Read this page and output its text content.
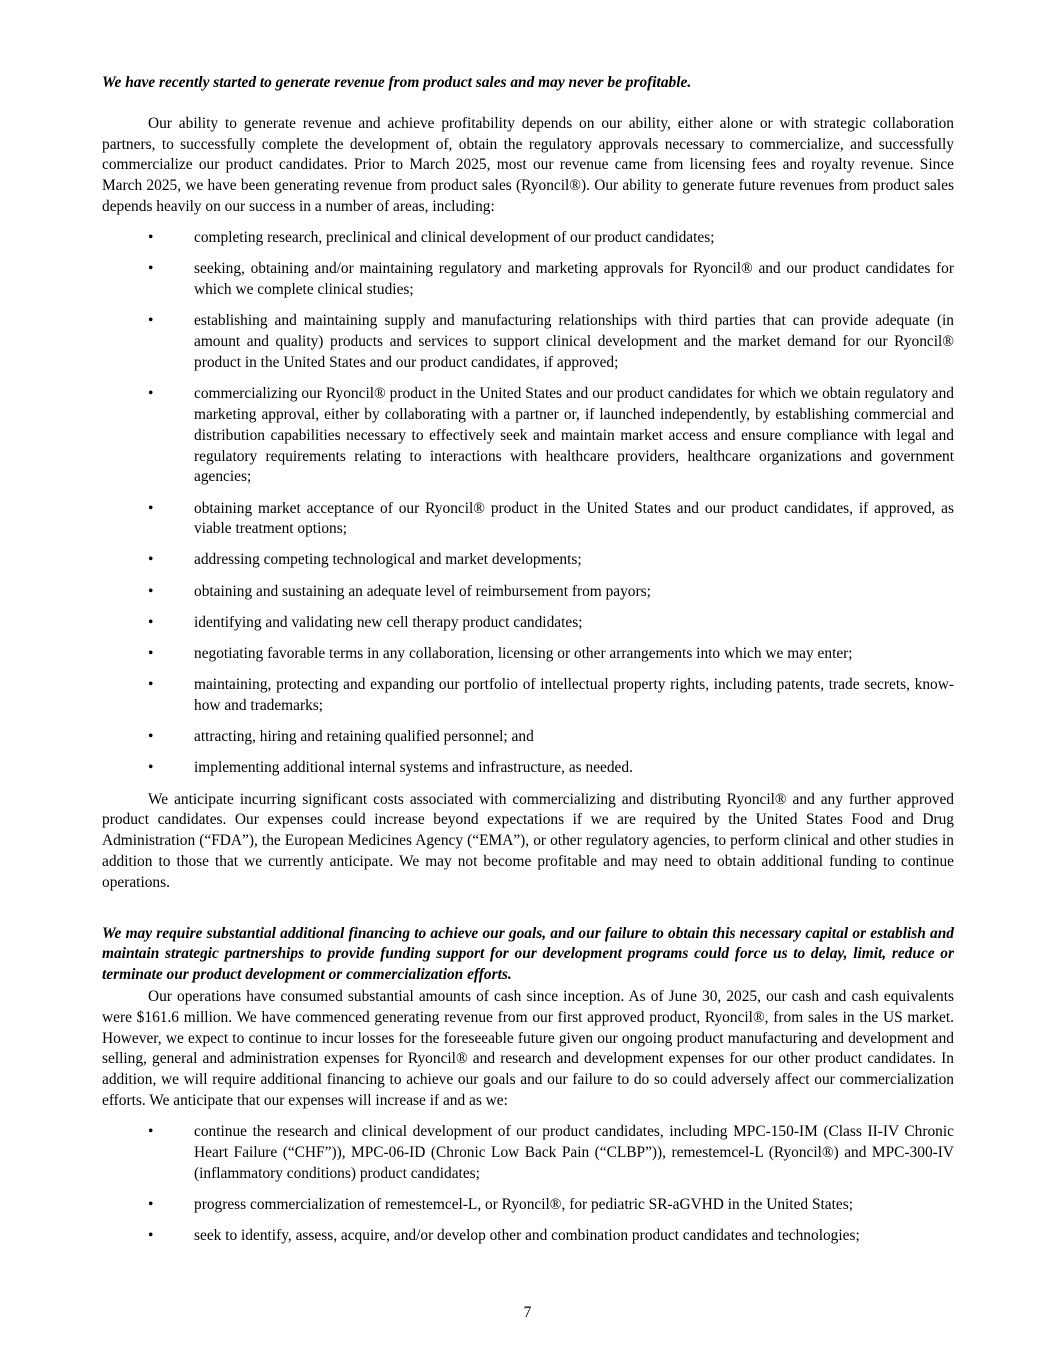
We have recently started to generate revenue from product sales and may never be profitable.

Our ability to generate revenue and achieve profitability depends on our ability, either alone or with strategic collaboration partners, to successfully complete the development of, obtain the regulatory approvals necessary to commercialize, and successfully commercialize our product candidates. Prior to March 2025, most our revenue came from licensing fees and royalty revenue. Since March 2025, we have been generating revenue from product sales (Ryoncil®). Our ability to generate future revenues from product sales depends heavily on our success in a number of areas, including:

•	completing research, preclinical and clinical development of our product candidates;
•	seeking, obtaining and/or maintaining regulatory and marketing approvals for Ryoncil® and our product candidates for which we complete clinical studies;
•	establishing and maintaining supply and manufacturing relationships with third parties that can provide adequate (in amount and quality) products and services to support clinical development and the market demand for our Ryoncil® product in the United States and our product candidates, if approved;
•	commercializing our Ryoncil® product in the United States and our product candidates for which we obtain regulatory and marketing approval, either by collaborating with a partner or, if launched independently, by establishing commercial and distribution capabilities necessary to effectively seek and maintain market access and ensure compliance with legal and regulatory requirements relating to interactions with healthcare providers, healthcare organizations and government agencies;
•	obtaining market acceptance of our Ryoncil® product in the United States and our product candidates, if approved, as viable treatment options;
•	addressing competing technological and market developments;
•	obtaining and sustaining an adequate level of reimbursement from payors;
•	identifying and validating new cell therapy product candidates;
•	negotiating favorable terms in any collaboration, licensing or other arrangements into which we may enter;
•	maintaining, protecting and expanding our portfolio of intellectual property rights, including patents, trade secrets, know-how and trademarks;
•	attracting, hiring and retaining qualified personnel; and
•	implementing additional internal systems and infrastructure, as needed.

We anticipate incurring significant costs associated with commercializing and distributing Ryoncil® and any further approved product candidates. Our expenses could increase beyond expectations if we are required by the United States Food and Drug Administration (“FDA”), the European Medicines Agency (“EMA”), or other regulatory agencies, to perform clinical and other studies in addition to those that we currently anticipate. We may not become profitable and may need to obtain additional funding to continue operations.

We may require substantial additional financing to achieve our goals, and our failure to obtain this necessary capital or establish and maintain strategic partnerships to provide funding support for our development programs could force us to delay, limit, reduce or terminate our product development or commercialization efforts.

Our operations have consumed substantial amounts of cash since inception. As of June 30, 2025, our cash and cash equivalents were $161.6 million. We have commenced generating revenue from our first approved product, Ryoncil®, from sales in the US market. However, we expect to continue to incur losses for the foreseeable future given our ongoing product manufacturing and development and selling, general and administration expenses for Ryoncil® and research and development expenses for our other product candidates. In addition, we will require additional financing to achieve our goals and our failure to do so could adversely affect our commercialization efforts. We anticipate that our expenses will increase if and as we:

•	continue the research and clinical development of our product candidates, including MPC-150-IM (Class II-IV Chronic Heart Failure (“CHF”)), MPC-06-ID (Chronic Low Back Pain (“CLBP”)), remestemcel-L (Ryoncil®) and MPC-300-IV (inflammatory conditions) product candidates;
•	progress commercialization of remestemcel-L, or Ryoncil®, for pediatric SR-aGVHD in the United States;
•	seek to identify, assess, acquire, and/or develop other and combination product candidates and technologies;
7
